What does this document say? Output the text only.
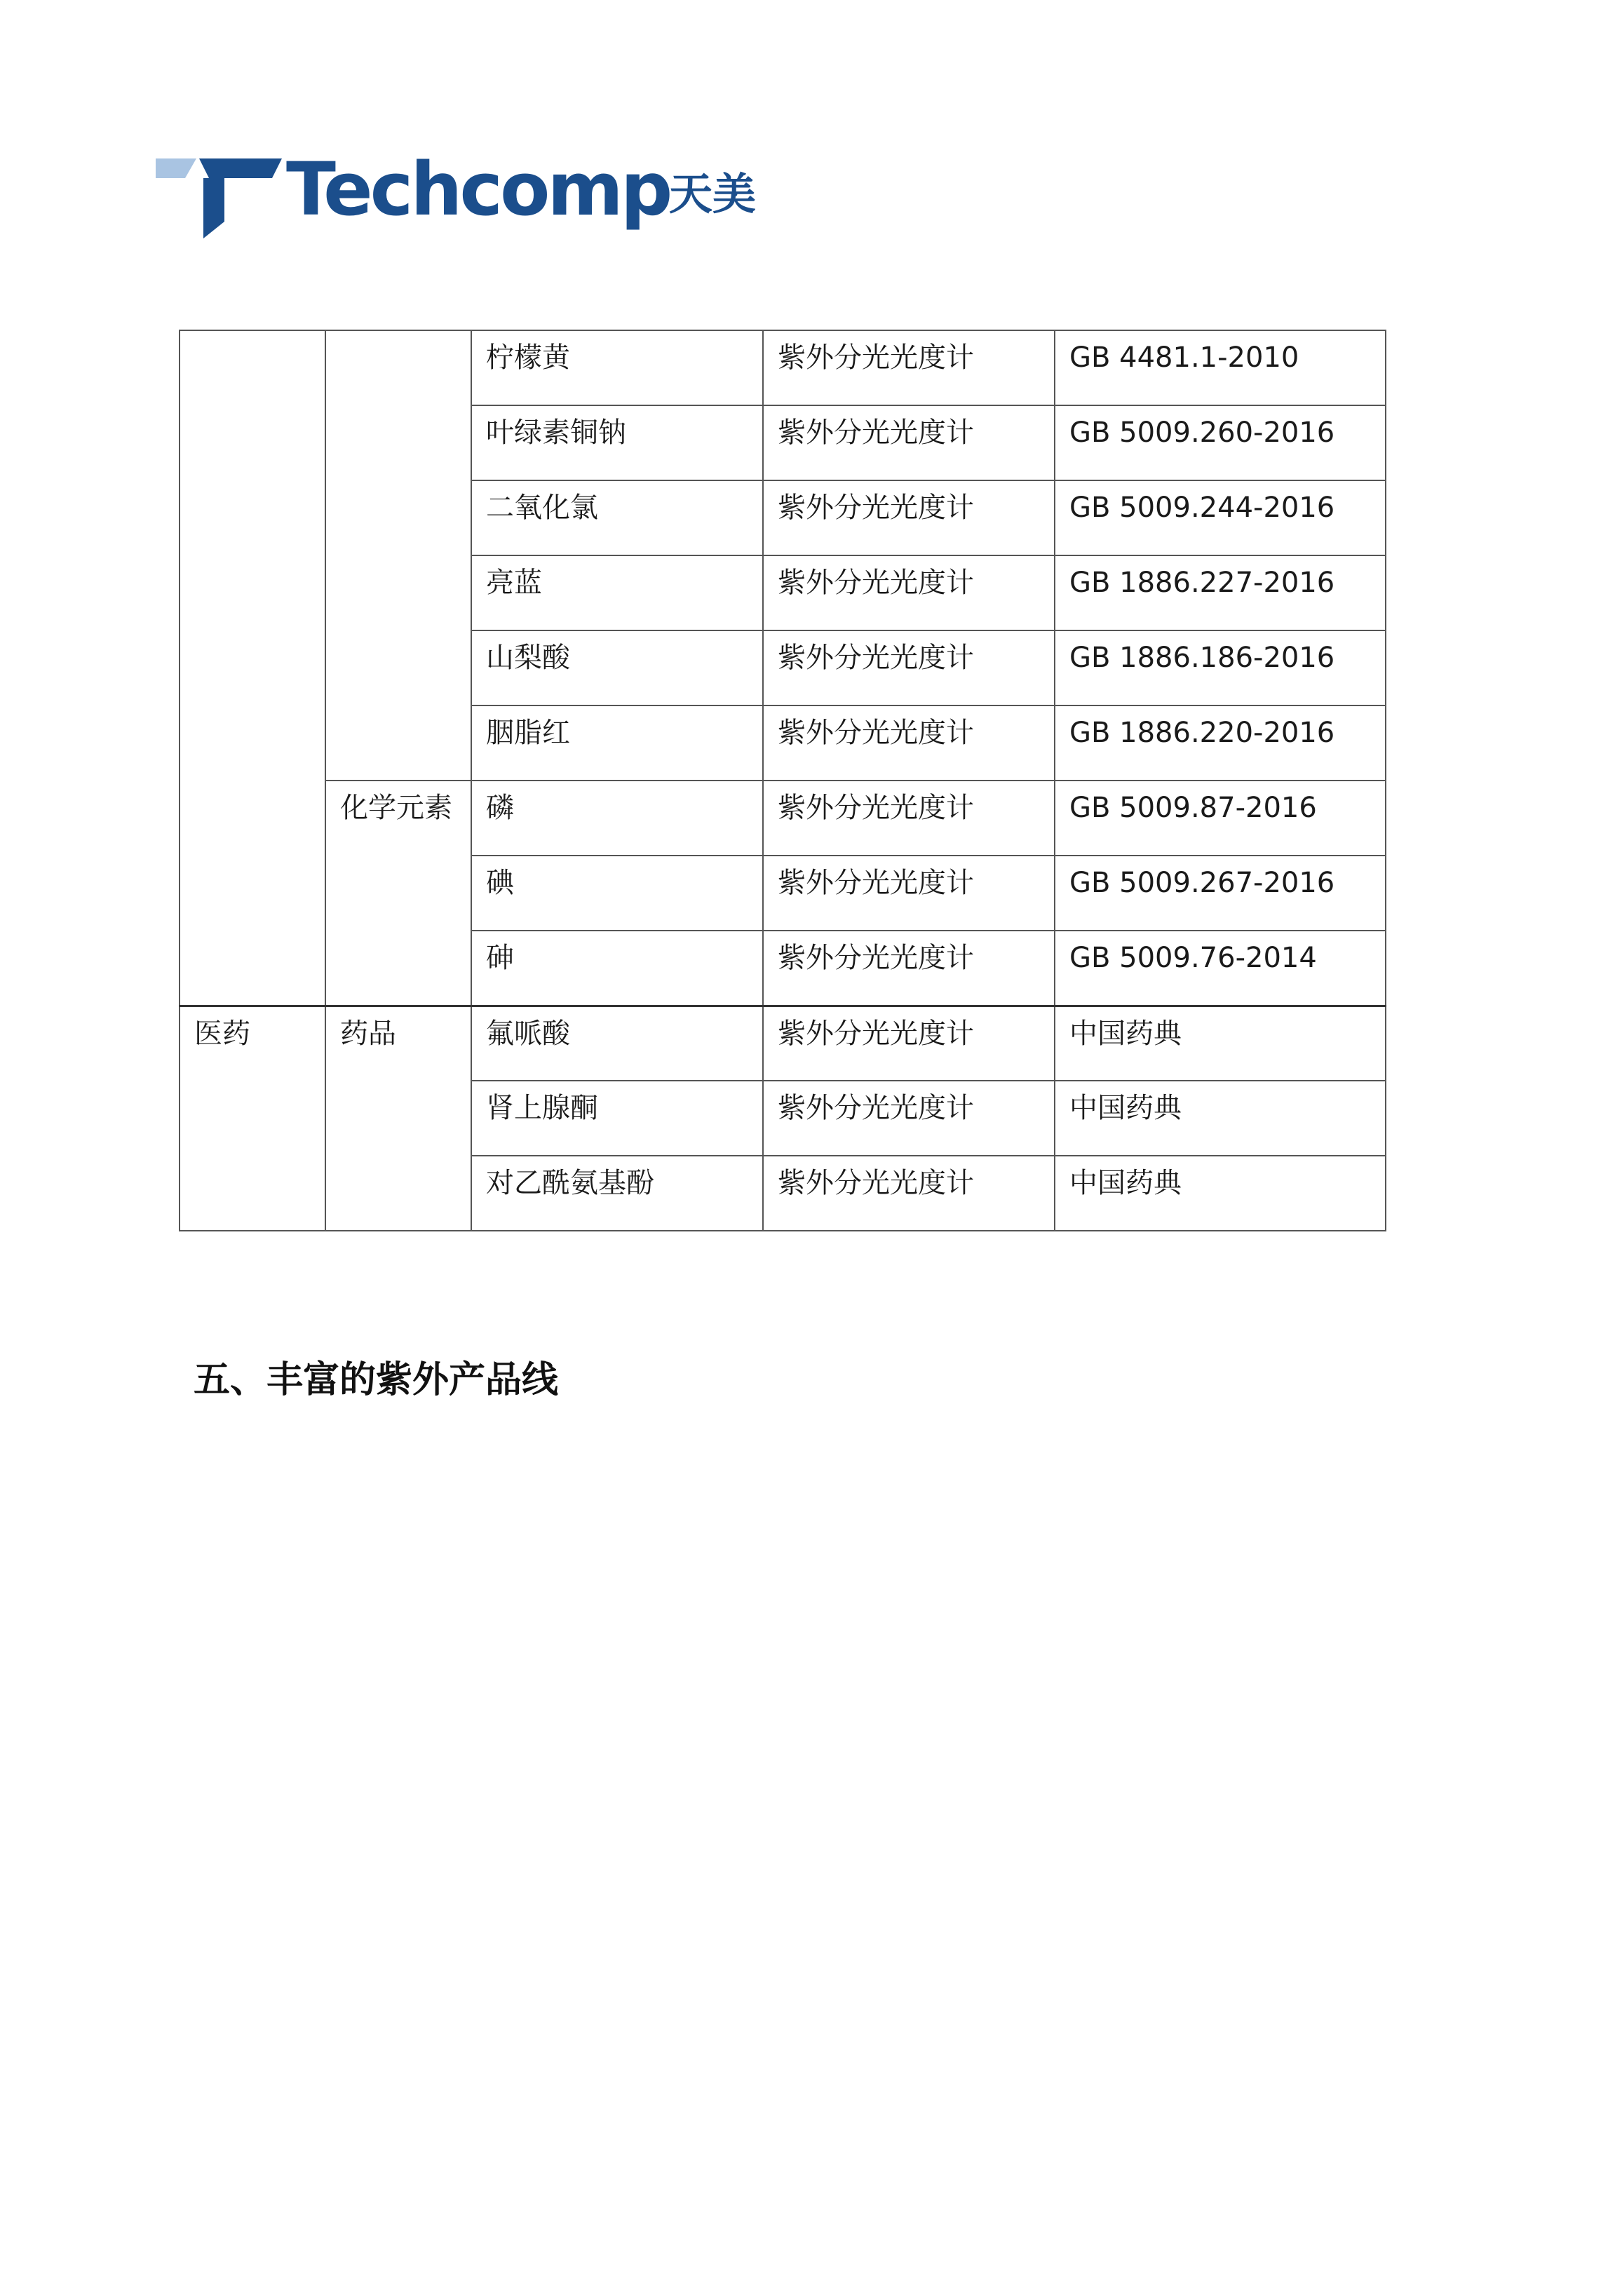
Techcomp
天美
		柠檬黄	紫外分光光度计	GB 4481.1-2010
		叶绿素铜钠	紫外分光光度计	GB 5009.260-2016
		二氧化氯	紫外分光光度计	GB 5009.244-2016
		亮蓝	紫外分光光度计	GB 1886.227-2016
		山梨酸	紫外分光光度计	GB 1886.186-2016
		胭脂红	紫外分光光度计	GB 1886.220-2016
	化学元素	磷	紫外分光光度计	GB 5009.87-2016
		碘	紫外分光光度计	GB 5009.267-2016
		砷	紫外分光光度计	GB 5009.76-2014
医药	药品	氟哌酸	紫外分光光度计	中国药典
		肾上腺酮	紫外分光光度计	中国药典
		对乙酰氨基酚	紫外分光光度计	中国药典
五、丰富的紫外产品线
